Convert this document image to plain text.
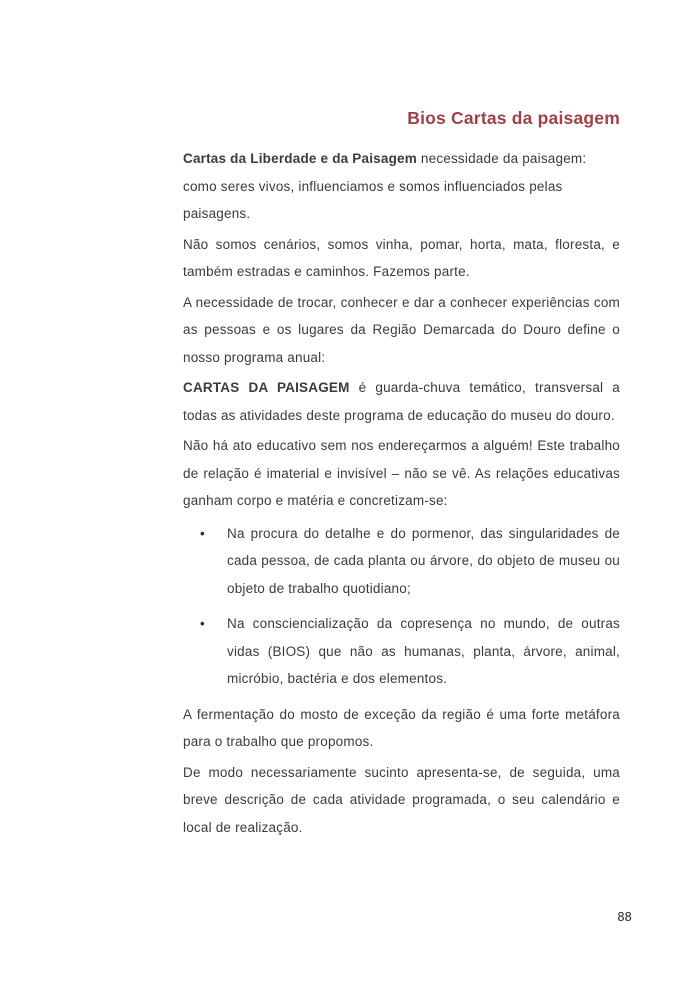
Bios Cartas da paisagem

Cartas da Liberdade e da Paisagem necessidade da paisagem: como seres vivos, influenciamos e somos influenciados pelas paisagens.

Não somos cenários, somos vinha, pomar, horta, mata, floresta, e também estradas e caminhos. Fazemos parte.

A necessidade de trocar, conhecer e dar a conhecer experiências com as pessoas e os lugares da Região Demarcada do Douro define o nosso programa anual:

CARTAS DA PAISAGEM é guarda-chuva temático, transversal a todas as atividades deste programa de educação do museu do douro.

Não há ato educativo sem nos endereçarmos a alguém! Este trabalho de relação é imaterial e invisível – não se vê. As relações educativas ganham corpo e matéria e concretizam-se:

• Na procura do detalhe e do pormenor, das singularidades de cada pessoa, de cada planta ou árvore, do objeto de museu ou objeto de trabalho quotidiano;
• Na consciencialização da copresença no mundo, de outras vidas (BIOS) que não as humanas, planta, árvore, animal, micróbio, bactéria e dos elementos.

A fermentação do mosto de exceção da região é uma forte metáfora para o trabalho que propomos.

De modo necessariamente sucinto apresenta-se, de seguida, uma breve descrição de cada atividade programada, o seu calendário e local de realização.

88
